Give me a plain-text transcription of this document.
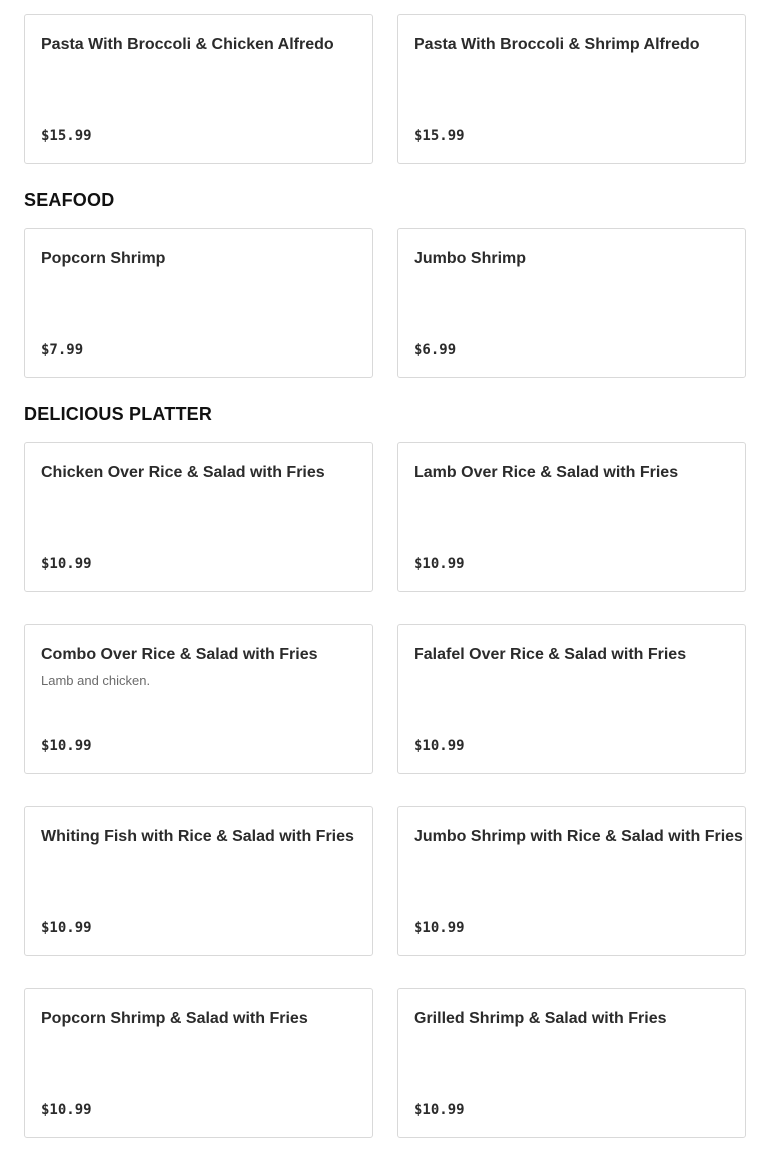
Pasta With Broccoli & Chicken Alfredo
$15.99
Pasta With Broccoli & Shrimp Alfredo
$15.99
SEAFOOD
Popcorn Shrimp
$7.99
Jumbo Shrimp
$6.99
DELICIOUS PLATTER
Chicken Over Rice & Salad with Fries
$10.99
Lamb Over Rice & Salad with Fries
$10.99
Combo Over Rice & Salad with Fries
Lamb and chicken.
$10.99
Falafel Over Rice & Salad with Fries
$10.99
Whiting Fish with Rice & Salad with Fries
$10.99
Jumbo Shrimp with Rice & Salad with Fries
$10.99
Popcorn Shrimp & Salad with Fries
$10.99
Grilled Shrimp & Salad with Fries
$10.99
